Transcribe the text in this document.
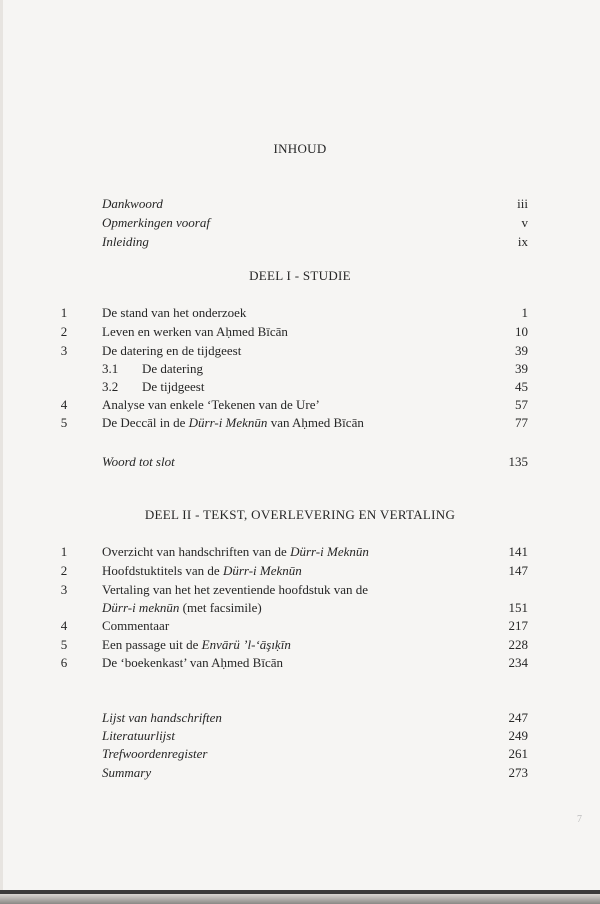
INHOUD
Dankwoord	iii
Opmerkingen vooraf	v
Inleiding	ix
DEEL I - STUDIE
1	De stand van het onderzoek	1
2	Leven en werken van Aḥmed Bīcān	10
3	De datering en de tijdgeest	39
3.1 De datering	39
3.2 De tijdgeest	45
4	Analyse van enkele ‘Tekenen van de Ure’	57
5	De Deccāl in de Dürr-i Meknūn van Aḥmed Bīcān	77
Woord tot slot	135
DEEL II - TEKST, OVERLEVERING EN VERTALING
1	Overzicht van handschriften van de Dürr-i Meknūn	141
2	Hoofdstuktitels van de Dürr-i Meknūn	147
3	Vertaling van het het zeventiende hoofdstuk van de
Dürr-i meknūn (met facsimile)	151
4	Commentaar	217
5	Een passage uit de Envārü ’l-‘āşıḳīn	228
6	De ‘boekenkast’ van Aḥmed Bīcān	234
Lijst van handschriften	247
Literatuurlijst	249
Trefwoordenregister	261
Summary	273
7
